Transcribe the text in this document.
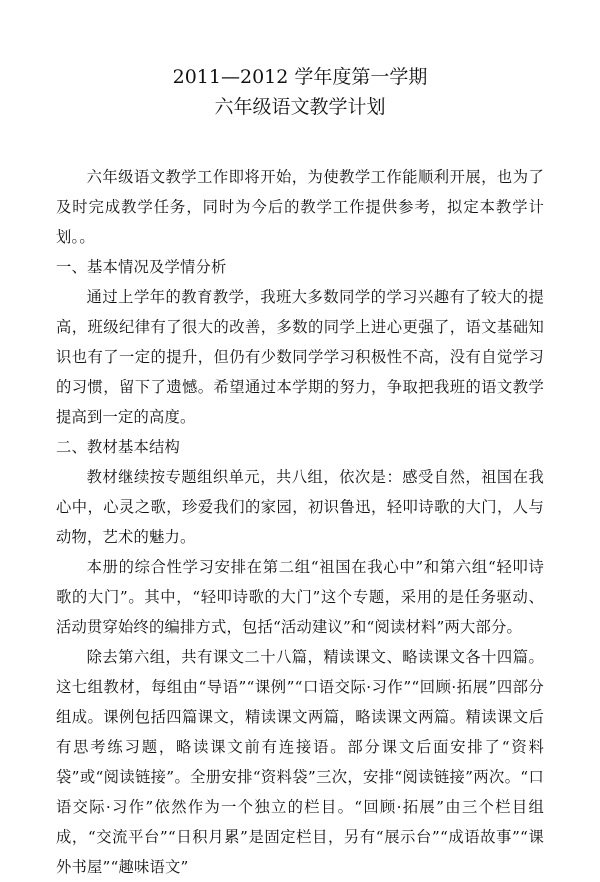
2011—2012 学年度第一学期
六年级语文教学计划

六年级语文教学工作即将开始，为使教学工作能顺利开展，也为了及时完成教学任务，同时为今后的教学工作提供参考，拟定本教学计划。。

一、基本情况及学情分析

通过上学年的教育教学，我班大多数同学的学习兴趣有了较大的提高，班级纪律有了很大的改善，多数的同学上进心更强了，语文基础知识也有了一定的提升，但仍有少数同学学习积极性不高，没有自觉学习的习惯，留下了遗憾。希望通过本学期的努力，争取把我班的语文教学提高到一定的高度。

二、教材基本结构

教材继续按专题组织单元，共八组，依次是：感受自然，祖国在我心中，心灵之歌，珍爱我们的家园，初识鲁迅，轻叩诗歌的大门，人与动物，艺术的魅力。

本册的综合性学习安排在第二组“祖国在我心中”和第六组“轻叩诗歌的大门”。其中，“轻叩诗歌的大门”这个专题，采用的是任务驱动、活动贯穿始终的编排方式，包括“活动建议”和“阅读材料”两大部分。

除去第六组，共有课文二十八篇，精读课文、略读课文各十四篇。这七组教材，每组由“导语”“课例”“口语交际·习作”“回顾·拓展”四部分组成。课例包括四篇课文，精读课文两篇，略读课文两篇。精读课文后有思考练习题，略读课文前有连接语。部分课文后面安排了“资料袋”或“阅读链接”。全册安排“资料袋”三次，安排“阅读链接”两次。“口语交际·习作”依然作为一个独立的栏目。“回顾·拓展”由三个栏目组成，“交流平台”“日积月累”是固定栏目，另有“展示台”“成语故事”“课外书屋”“趣味语文”
